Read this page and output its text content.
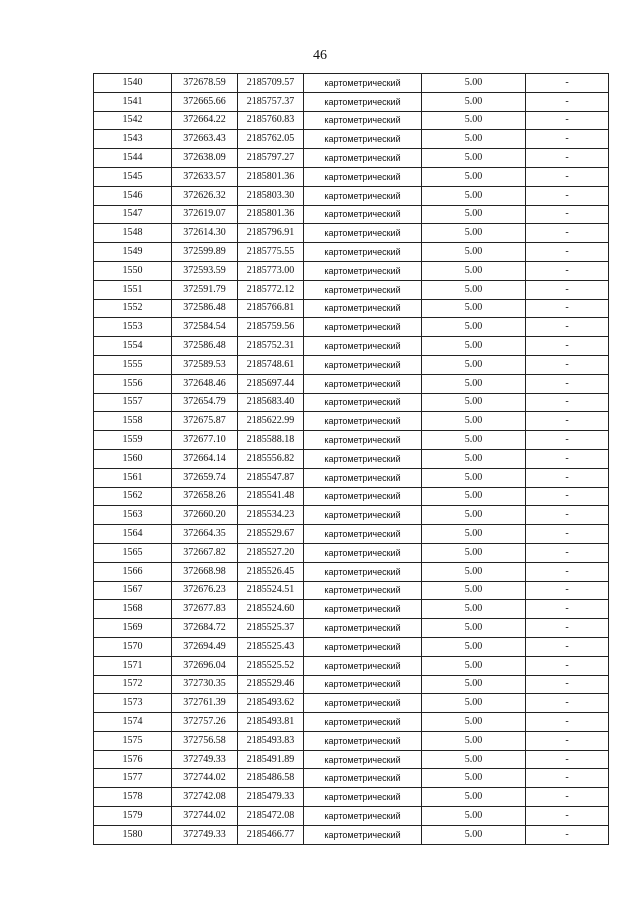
46
1540	372678.59	2185709.57	картометрический	5.00	-
1541	372665.66	2185757.37	картометрический	5.00	-
1542	372664.22	2185760.83	картометрический	5.00	-
1543	372663.43	2185762.05	картометрический	5.00	-
1544	372638.09	2185797.27	картометрический	5.00	-
1545	372633.57	2185801.36	картометрический	5.00	-
1546	372626.32	2185803.30	картометрический	5.00	-
1547	372619.07	2185801.36	картометрический	5.00	-
1548	372614.30	2185796.91	картометрический	5.00	-
1549	372599.89	2185775.55	картометрический	5.00	-
1550	372593.59	2185773.00	картометрический	5.00	-
1551	372591.79	2185772.12	картометрический	5.00	-
1552	372586.48	2185766.81	картометрический	5.00	-
1553	372584.54	2185759.56	картометрический	5.00	-
1554	372586.48	2185752.31	картометрический	5.00	-
1555	372589.53	2185748.61	картометрический	5.00	-
1556	372648.46	2185697.44	картометрический	5.00	-
1557	372654.79	2185683.40	картометрический	5.00	-
1558	372675.87	2185622.99	картометрический	5.00	-
1559	372677.10	2185588.18	картометрический	5.00	-
1560	372664.14	2185556.82	картометрический	5.00	-
1561	372659.74	2185547.87	картометрический	5.00	-
1562	372658.26	2185541.48	картометрический	5.00	-
1563	372660.20	2185534.23	картометрический	5.00	-
1564	372664.35	2185529.67	картометрический	5.00	-
1565	372667.82	2185527.20	картометрический	5.00	-
1566	372668.98	2185526.45	картометрический	5.00	-
1567	372676.23	2185524.51	картометрический	5.00	-
1568	372677.83	2185524.60	картометрический	5.00	-
1569	372684.72	2185525.37	картометрический	5.00	-
1570	372694.49	2185525.43	картометрический	5.00	-
1571	372696.04	2185525.52	картометрический	5.00	-
1572	372730.35	2185529.46	картометрический	5.00	-
1573	372761.39	2185493.62	картометрический	5.00	-
1574	372757.26	2185493.81	картометрический	5.00	-
1575	372756.58	2185493.83	картометрический	5.00	-
1576	372749.33	2185491.89	картометрический	5.00	-
1577	372744.02	2185486.58	картометрический	5.00	-
1578	372742.08	2185479.33	картометрический	5.00	-
1579	372744.02	2185472.08	картометрический	5.00	-
1580	372749.33	2185466.77	картометрический	5.00	-
